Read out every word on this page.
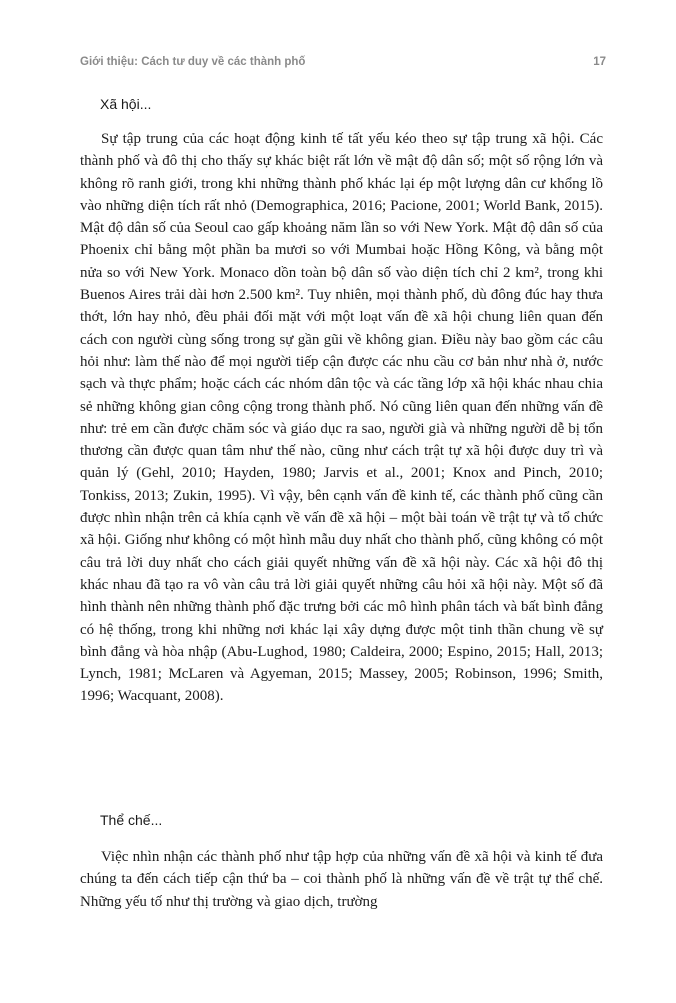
Giới thiệu: Cách tư duy về các thành phố	17
Xã hội...

Sự tập trung của các hoạt động kinh tế tất yếu kéo theo sự tập trung xã hội. Các thành phố và đô thị cho thấy sự khác biệt rất lớn về mật độ dân số; một số rộng lớn và không rõ ranh giới, trong khi những thành phố khác lại ép một lượng dân cư khổng lồ vào những diện tích rất nhỏ (Demographica, 2016; Pacione, 2001; World Bank, 2015). Mật độ dân số của Seoul cao gấp khoảng năm lần so với New York. Mật độ dân số của Phoenix chỉ bằng một phần ba mươi so với Mumbai hoặc Hồng Kông, và bằng một nửa so với New York. Monaco dồn toàn bộ dân số vào diện tích chỉ 2 km², trong khi Buenos Aires trải dài hơn 2.500 km². Tuy nhiên, mọi thành phố, dù đông đúc hay thưa thớt, lớn hay nhỏ, đều phải đối mặt với một loạt vấn đề xã hội chung liên quan đến cách con người cùng sống trong sự gần gũi về không gian. Điều này bao gồm các câu hỏi như: làm thế nào để mọi người tiếp cận được các nhu cầu cơ bản như nhà ở, nước sạch và thực phẩm; hoặc cách các nhóm dân tộc và các tầng lớp xã hội khác nhau chia sẻ những không gian công cộng trong thành phố. Nó cũng liên quan đến những vấn đề như: trẻ em cần được chăm sóc và giáo dục ra sao, người già và những người dễ bị tổn thương cần được quan tâm như thế nào, cũng như cách trật tự xã hội được duy trì và quản lý (Gehl, 2010; Hayden, 1980; Jarvis et al., 2001; Knox and Pinch, 2010; Tonkiss, 2013; Zukin, 1995). Vì vậy, bên cạnh vấn đề kinh tế, các thành phố cũng cần được nhìn nhận trên cả khía cạnh về vấn đề xã hội – một bài toán về trật tự và tổ chức xã hội. Giống như không có một hình mẫu duy nhất cho thành phố, cũng không có một câu trả lời duy nhất cho cách giải quyết những vấn đề xã hội này. Các xã hội đô thị khác nhau đã tạo ra vô vàn câu trả lời giải quyết những câu hỏi xã hội này. Một số đã hình thành nên những thành phố đặc trưng bởi các mô hình phân tách và bất bình đẳng có hệ thống, trong khi những nơi khác lại xây dựng được một tinh thần chung về sự bình đẳng và hòa nhập (Abu-Lughod, 1980; Caldeira, 2000; Espino, 2015; Hall, 2013; Lynch, 1981; McLaren và Agyeman, 2015; Massey, 2005; Robinson, 1996; Smith, 1996; Wacquant, 2008).

Thể chế...

Việc nhìn nhận các thành phố như tập hợp của những vấn đề xã hội và kinh tế đưa chúng ta đến cách tiếp cận thứ ba – coi thành phố là những vấn đề về trật tự thể chế. Những yếu tố như thị trường và giao dịch, trường
